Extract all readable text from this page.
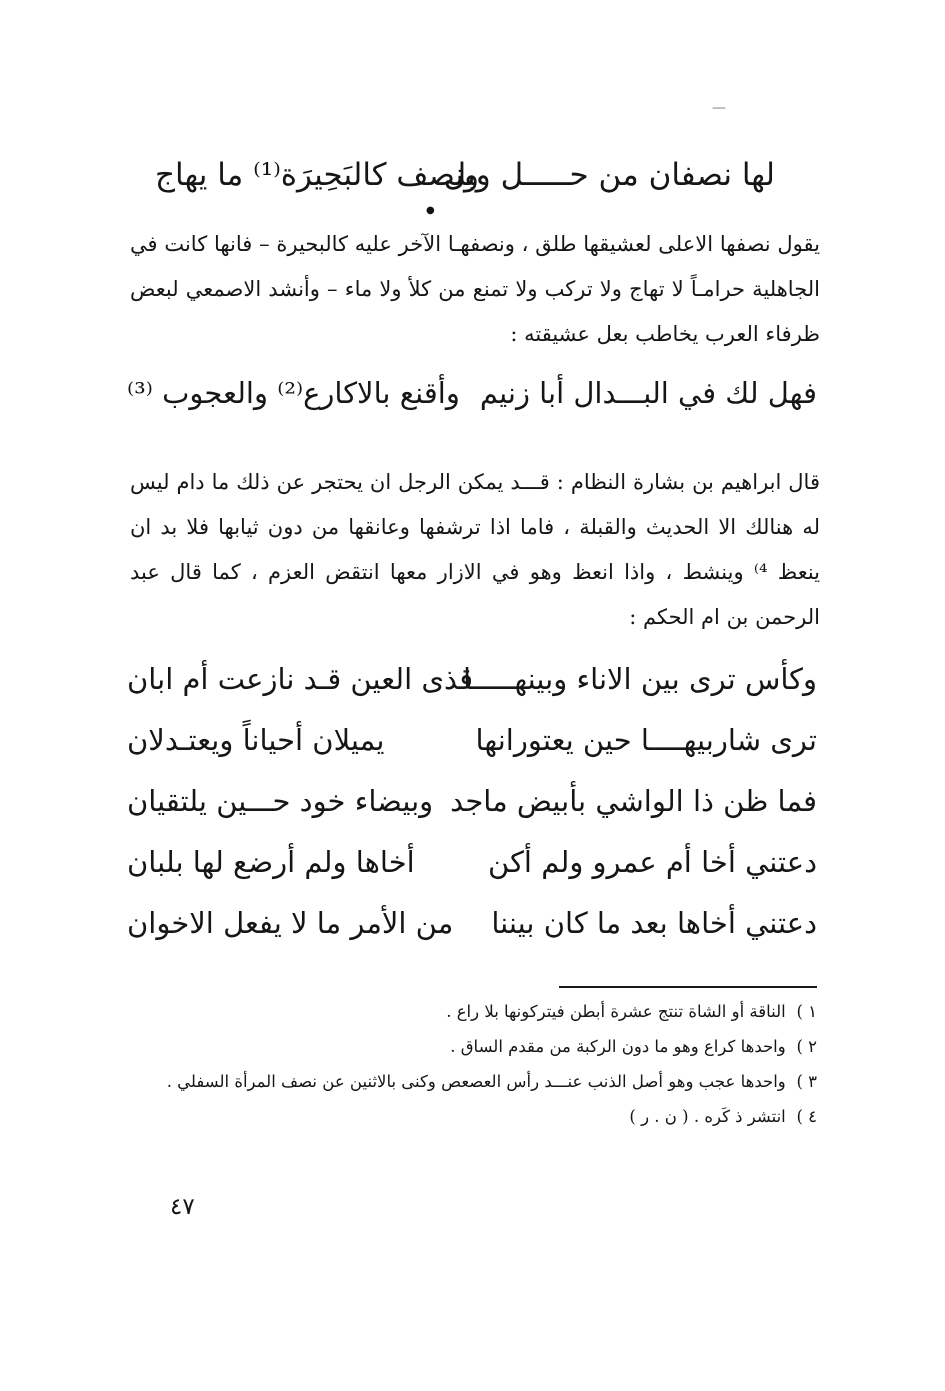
—
●
لها نصفان من حـــــل وبل
ونصف كالبَحِيرَة⁽¹⁾ ما يهاج

يقول نصفها الاعلى لعشيقها طلق ، ونصفهـا الآخر عليه كالبحيرة – فانها كانت في الجاهلية حرامـاً لا تهاج ولا تركب ولا تمنع من كلأ ولا ماء – وأنشد الاصمعي لبعض ظرفاء العرب يخاطب بعل عشيقته :

فهل لك في البـــدال أبا زنيم
وأقنع بالاكارع⁽²⁾ والعجوب ⁽³⁾

قال ابراهيم بن بشارة النظام : قـــد يمكن الرجل ان يحتجر عن ذلك ما دام ليس له هنالك الا الحديث والقبلة ، فاما اذا ترشفها وعانقها من دون ثيابها فلا بد ان ينعظ ⁴⁾ وينشط ، واذا انعظ وهو في الازار معها انتقض العزم ، كما قال عبد الرحمن بن ام الحكم :

وكأس ترى بين الاناء وبينهـــــا
قذى العين قـد نازعت أم ابان
ترى شاربيهــــا حين يعتورانها
يميلان أحياناً ويعتـدلان
فما ظن ذا الواشي بأبيض ماجد
وبيضاء خود حـــين يلتقيان
دعتني أخا أم عمرو ولم أكن
أخاها ولم أرضع لها بلبان
دعتني أخاها بعد ما كان بيننا
من الأمر ما لا يفعل الاخوان
١ ) الناقة أو الشاة تنتج عشرة أبطن فيتركونها بلا راع .
٢ ) واحدها كراع وهو ما دون الركبة من مقدم الساق .
٣ ) واحدها عجب وهو أصل الذنب عنـــد رأس العصعص وكنى بالاثنين عن نصف المرأة السفلي .
٤ ) انتشر ذ كَره . ( ن . ر )
٤٧
